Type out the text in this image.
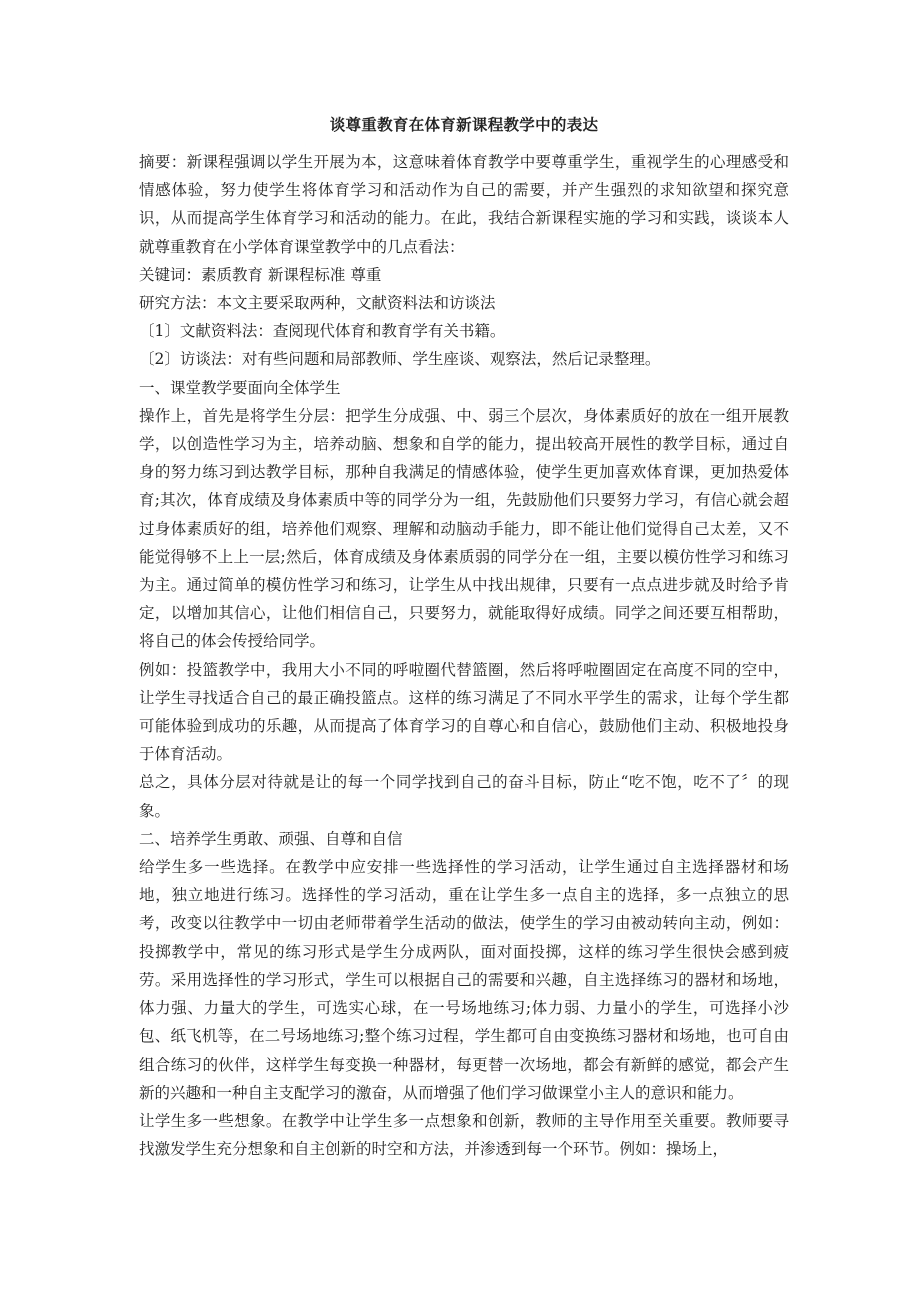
谈尊重教育在体育新课程教学中的表达

摘要：新课程强调以学生开展为本，这意味着体育教学中要尊重学生，重视学生的心理感受和情感体验，努力使学生将体育学习和活动作为自己的需要，并产生强烈的求知欲望和探究意识，从而提高学生体育学习和活动的能力。在此，我结合新课程实施的学习和实践，谈谈本人就尊重教育在小学体育课堂教学中的几点看法：

关键词：素质教育 新课程标准 尊重

研究方法：本文主要采取两种，文献资料法和访谈法

〔1〕文献资料法：查阅现代体育和教育学有关书籍。

〔2〕访谈法：对有些问题和局部教师、学生座谈、观察法，然后记录整理。

一、课堂教学要面向全体学生

操作上，首先是将学生分层：把学生分成强、中、弱三个层次，身体素质好的放在一组开展教学，以创造性学习为主，培养动脑、想象和自学的能力，提出较高开展性的教学目标，通过自身的努力练习到达教学目标，那种自我满足的情感体验，使学生更加喜欢体育课，更加热爱体育;其次，体育成绩及身体素质中等的同学分为一组，先鼓励他们只要努力学习，有信心就会超过身体素质好的组，培养他们观察、理解和动脑动手能力，即不能让他们觉得自己太差，又不能觉得够不上上一层;然后，体育成绩及身体素质弱的同学分在一组，主要以模仿性学习和练习为主。通过简单的模仿性学习和练习，让学生从中找出规律，只要有一点点进步就及时给予肯定，以增加其信心，让他们相信自己，只要努力，就能取得好成绩。同学之间还要互相帮助，将自己的体会传授给同学。

例如：投篮教学中，我用大小不同的呼啦圈代替篮圈，然后将呼啦圈固定在高度不同的空中，让学生寻找适合自己的最正确投篮点。这样的练习满足了不同水平学生的需求，让每个学生都可能体验到成功的乐趣，从而提高了体育学习的自尊心和自信心，鼓励他们主动、积极地投身于体育活动。

总之，具体分层对待就是让的每一个同学找到自己的奋斗目标，防止“吃不饱，吃不了〞的现象。

二、培养学生勇敢、顽强、自尊和自信

给学生多一些选择。在教学中应安排一些选择性的学习活动，让学生通过自主选择器材和场地，独立地进行练习。选择性的学习活动，重在让学生多一点自主的选择，多一点独立的思考，改变以往教学中一切由老师带着学生活动的做法，使学生的学习由被动转向主动，例如：投掷教学中，常见的练习形式是学生分成两队，面对面投掷，这样的练习学生很快会感到疲劳。采用选择性的学习形式，学生可以根据自己的需要和兴趣，自主选择练习的器材和场地，体力强、力量大的学生，可选实心球，在一号场地练习;体力弱、力量小的学生，可选择小沙包、纸飞机等，在二号场地练习;整个练习过程，学生都可自由变换练习器材和场地，也可自由组合练习的伙伴，这样学生每变换一种器材，每更替一次场地，都会有新鲜的感觉，都会产生新的兴趣和一种自主支配学习的激奋，从而增强了他们学习做课堂小主人的意识和能力。

让学生多一些想象。在教学中让学生多一点想象和创新，教师的主导作用至关重要。教师要寻找激发学生充分想象和自主创新的时空和方法，并渗透到每一个环节。例如：操场上，
